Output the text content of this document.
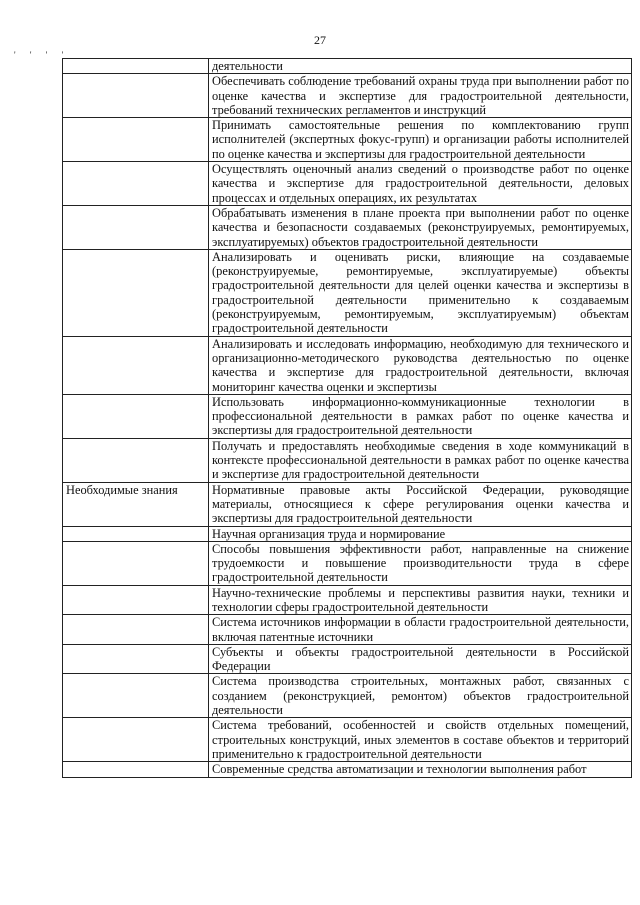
27
' ' ' '
	деятельности
	Обеспечивать соблюдение требований охраны труда при выполнении работ по оценке качества и экспертизе для градостроительной деятельности, требований технических регламентов и инструкций
	Принимать самостоятельные решения по комплектованию групп исполнителей (экспертных фокус-групп) и организации работы исполнителей по оценке качества и экспертизы для градостроительной деятельности
	Осуществлять оценочный анализ сведений о производстве работ по оценке качества и экспертизе для градостроительной деятельности, деловых процессах и отдельных операциях, их результатах
	Обрабатывать изменения в плане проекта при выполнении работ по оценке качества и безопасности создаваемых (реконструируемых, ремонтируемых, эксплуатируемых) объектов градостроительной деятельности
	Анализировать и оценивать риски, влияющие на создаваемые (реконструируемые, ремонтируемые, эксплуатируемые) объекты градостроительной деятельности для целей оценки качества и экспертизы в градостроительной деятельности применительно к создаваемым (реконструируемым, ремонтируемым, эксплуатируемым) объектам градостроительной деятельности
	Анализировать и исследовать информацию, необходимую для технического и организационно-методического руководства деятельностью по оценке качества и экспертизе для градостроительной деятельности, включая мониторинг качества оценки и экспертизы
	Использовать информационно-коммуникационные технологии в профессиональной деятельности в рамках работ по оценке качества и экспертизы для градостроительной деятельности
	Получать и предоставлять необходимые сведения в ходе коммуникаций в контексте профессиональной деятельности в рамках работ по оценке качества и экспертизе для градостроительной деятельности
Необходимые знания	Нормативные правовые акты Российской Федерации, руководящие материалы, относящиеся к сфере регулирования оценки качества и экспертизы для градостроительной деятельности
	Научная организация труда и нормирование
	Способы повышения эффективности работ, направленные на снижение трудоемкости и повышение производительности труда в сфере градостроительной деятельности
	Научно-технические проблемы и перспективы развития науки, техники и технологии сферы градостроительной деятельности
	Система источников информации в области градостроительной деятельности, включая патентные источники
	Субъекты и объекты градостроительной деятельности в Российской Федерации
	Система производства строительных, монтажных работ, связанных с созданием (реконструкцией, ремонтом) объектов градостроительной деятельности
	Система требований, особенностей и свойств отдельных помещений, строительных конструкций, иных элементов в составе объектов и территорий применительно к градостроительной деятельности
	Современные средства автоматизации и технологии выполнения работ
